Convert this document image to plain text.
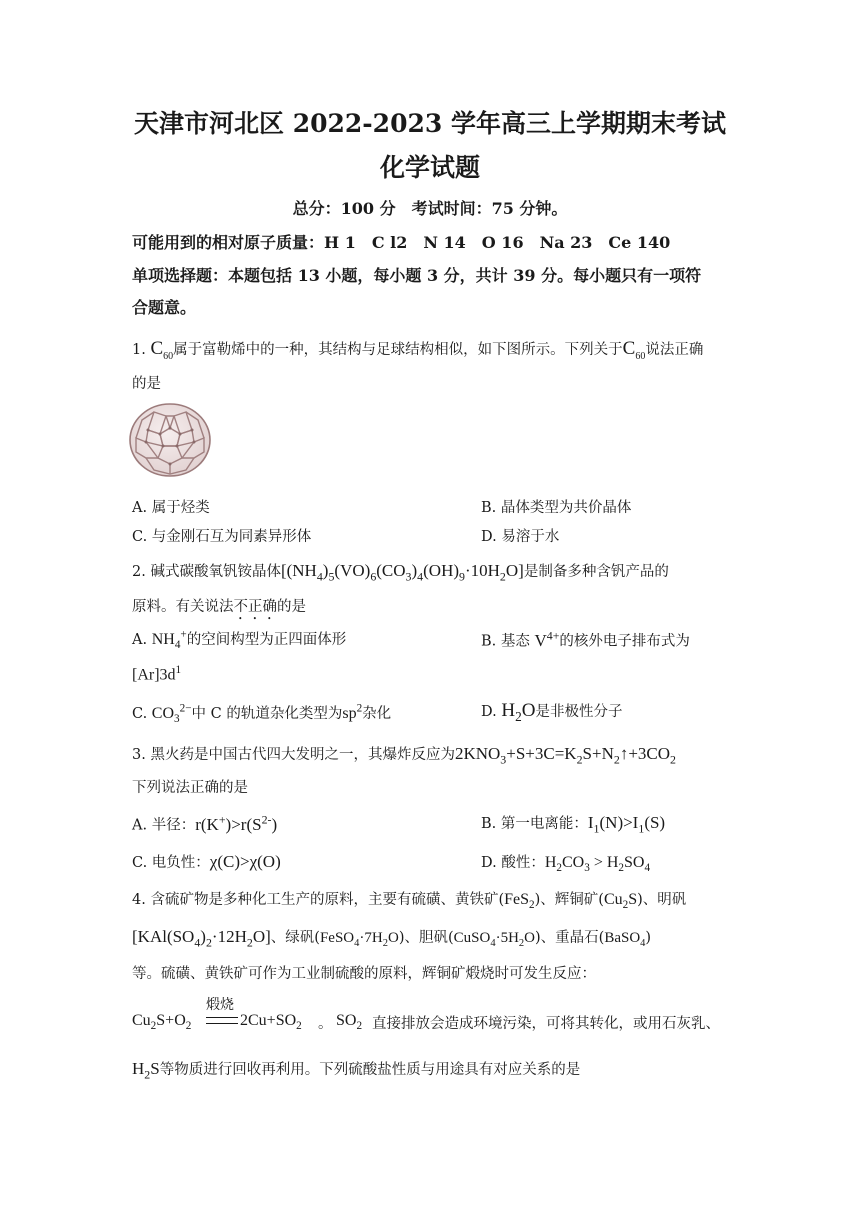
天津市河北区 2022-2023 学年高三上学期期末考试
化学试题
总分：100 分　考试时间：75 分钟。
可能用到的相对原子质量：H 1　C l2　N 14　O 16　Na 23　Ce 140
单项选择题：本题包括 13 小题，每小题 3 分，共计 39 分。每小题只有一项符
合题意。
1. $C_{60}$属于富勒烯中的一种，其结构与足球结构相似，如下图所示。下列关于$C_{60}$说法正确
的是
A. 属于烃类	B. 晶体类型为共价晶体
C. 与金刚石互为同素异形体	D. 易溶于水
2. 碱式碳酸氧钒铵晶体$[(NH_4)_5(VO)_6(CO_3)_4(OH)_9\cdot 10H_2O]$是制备多种含钒产品的
原料。有关说法不正确的是
A. $NH_4^+$的空间构型为正四面体形	B. 基态 $V^{4+}$的核外电子排布式为
$[Ar]3d^1$
C. $CO_3^{2-}$中 C 的轨道杂化类型为$sp^2$杂化	D. $H_2O$是非极性分子
3. 黑火药是中国古代四大发明之一，其爆炸反应为$2KNO_3+S+3C=K_2S+N_2↑+3CO_2$
下列说法正确的是
A. 半径：$r(K^+)>r(S^{2-})$	B. 第一电离能：$I_1(N)>I_1(S)$
C. 电负性：χ(C)>χ(O)	D. 酸性：$H_2CO_3 > H_2SO_4$
4. 含硫矿物是多种化工生产的原料，主要有硫磺、黄铁矿(FeS$_2$)、辉铜矿$(Cu_2S)$、明矾
$[KAl(SO_4)_2\cdot 12H_2O]$、绿矾$(FeSO_4\cdot 7H_2O)$、胆矾$(CuSO_4\cdot 5H_2O)$、重晶石(BaSO$_4$)
等。硫磺、黄铁矿可作为工业制硫酸的原料，辉铜矿煅烧时可发生反应：
$Cu_2S+O_2$
煅烧
$2Cu+SO_2$ 。 $SO_2$ 直接排放会造成环境污染，可将其转化，或用石灰乳、
$H_2S$等物质进行回收再利用。下列硫酸盐性质与用途具有对应关系的是
